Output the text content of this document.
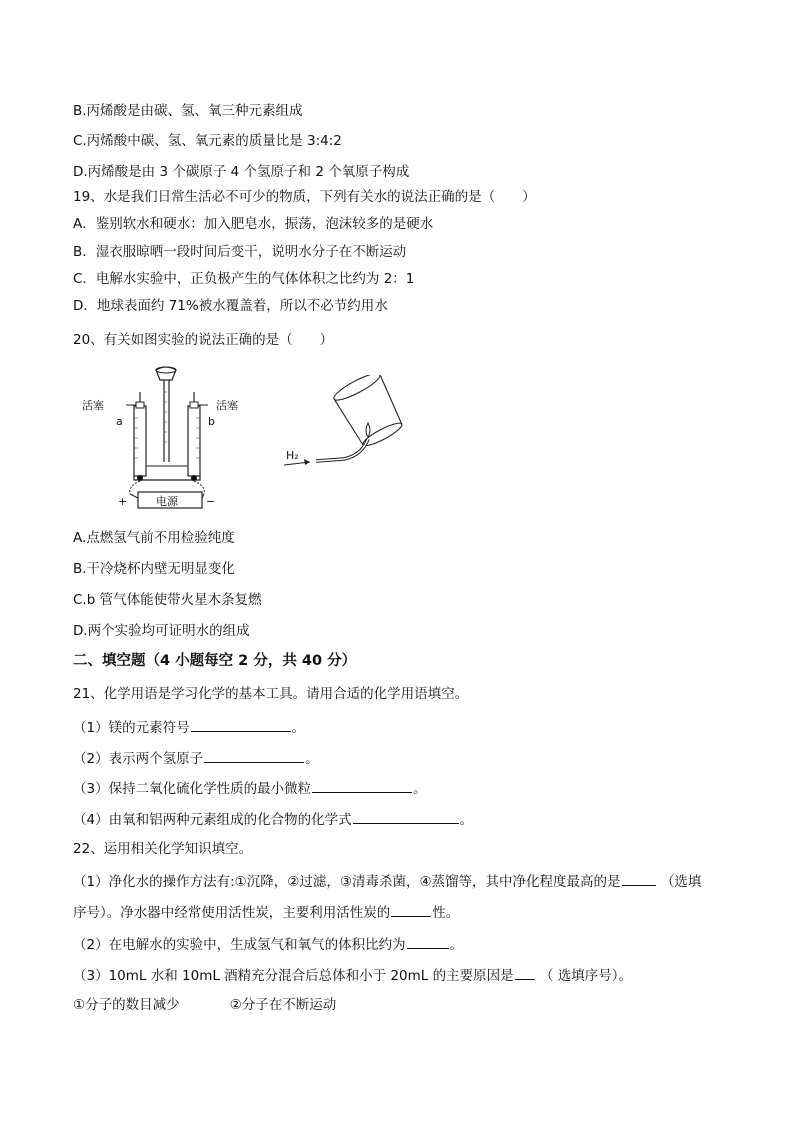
B.丙烯酸是由碳、氢、氧三种元素组成
C.丙烯酸中碳、氢、氧元素的质量比是 3:4:2
D.丙烯酸是由 3 个碳原子 4 个氢原子和 2 个氧原子构成
19、水是我们日常生活必不可少的物质，下列有关水的说法正确的是（　　）
A．鉴别软水和硬水：加入肥皂水，振荡，泡沫较多的是硬水
B．湿衣服晾晒一段时间后变干，说明水分子在不断运动
C．电解水实验中，正负极产生的气体体积之比约为 2：1
D．地球表面约 71%被水覆盖着，所以不必节约用水
20、有关如图实验的说法正确的是（　　）
活塞	活塞
a	b
电源
+	−
H₂
A.点燃氢气前不用检验纯度
B.干冷烧杯内壁无明显变化
C.b 管气体能使带火星木条复燃
D.两个实验均可证明水的组成
二、填空题（4 小题每空 2 分，共 40 分）
21、化学用语是学习化学的基本工具。请用合适的化学用语填空。
（1）镁的元素符号	。
（2）表示两个氢原子	。
（3）保持二氧化硫化学性质的最小微粒	。
（4）由氧和铝两种元素组成的化合物的化学式	。
22、运用相关化学知识填空。
（1）净化水的操作方法有:①沉降，②过滤，③清毒杀菌，④蒸馏等，其中净化程度最高的是	（选填
序号）。净水器中经常使用活性炭，主要利用活性炭的	性。
（2）在电解水的实验中，生成氢气和氧气的体积比约为	。
（3）10mL 水和 10mL 酒精充分混合后总体和小于 20mL 的主要原因是 （ 选填序号）。
①分子的数目减少	②分子在不断运动
